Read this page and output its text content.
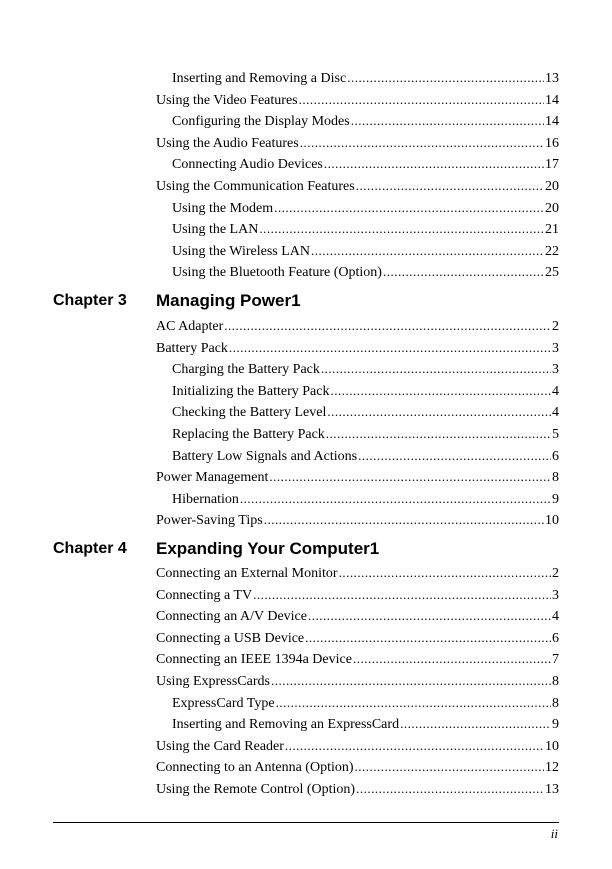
Chapter 3 Managing Power 1
Chapter 4 Expanding Your Computer 1
Inserting and Removing a Disc .....	13
Using the Video Features .....	14
Configuring the Display Modes .....	14
Using the Audio Features .....	16
Connecting Audio Devices .....	17
Using the Communication Features .....	20
Using the Modem .....	20
Using the LAN .....	21
Using the Wireless LAN .....	22
Using the Bluetooth Feature (Option) .....	25
AC Adapter .....	2
Battery Pack .....	3
Charging the Battery Pack .....	3
Initializing the Battery Pack .....	4
Checking the Battery Level .....	4
Replacing the Battery Pack .....	5
Battery Low Signals and Actions .....	6
Power Management .....	8
Hibernation .....	9
Power-Saving Tips .....	10
Connecting an External Monitor .....	2
Connecting a TV .....	3
Connecting an A/V Device .....	4
Connecting a USB Device .....	6
Connecting an IEEE 1394a Device .....	7
Using ExpressCards .....	8
ExpressCard Type .....	8
Inserting and Removing an ExpressCard .....	9
Using the Card Reader .....	10
Connecting to an Antenna (Option) .....	12
Using the Remote Control (Option) .....	13
ii
